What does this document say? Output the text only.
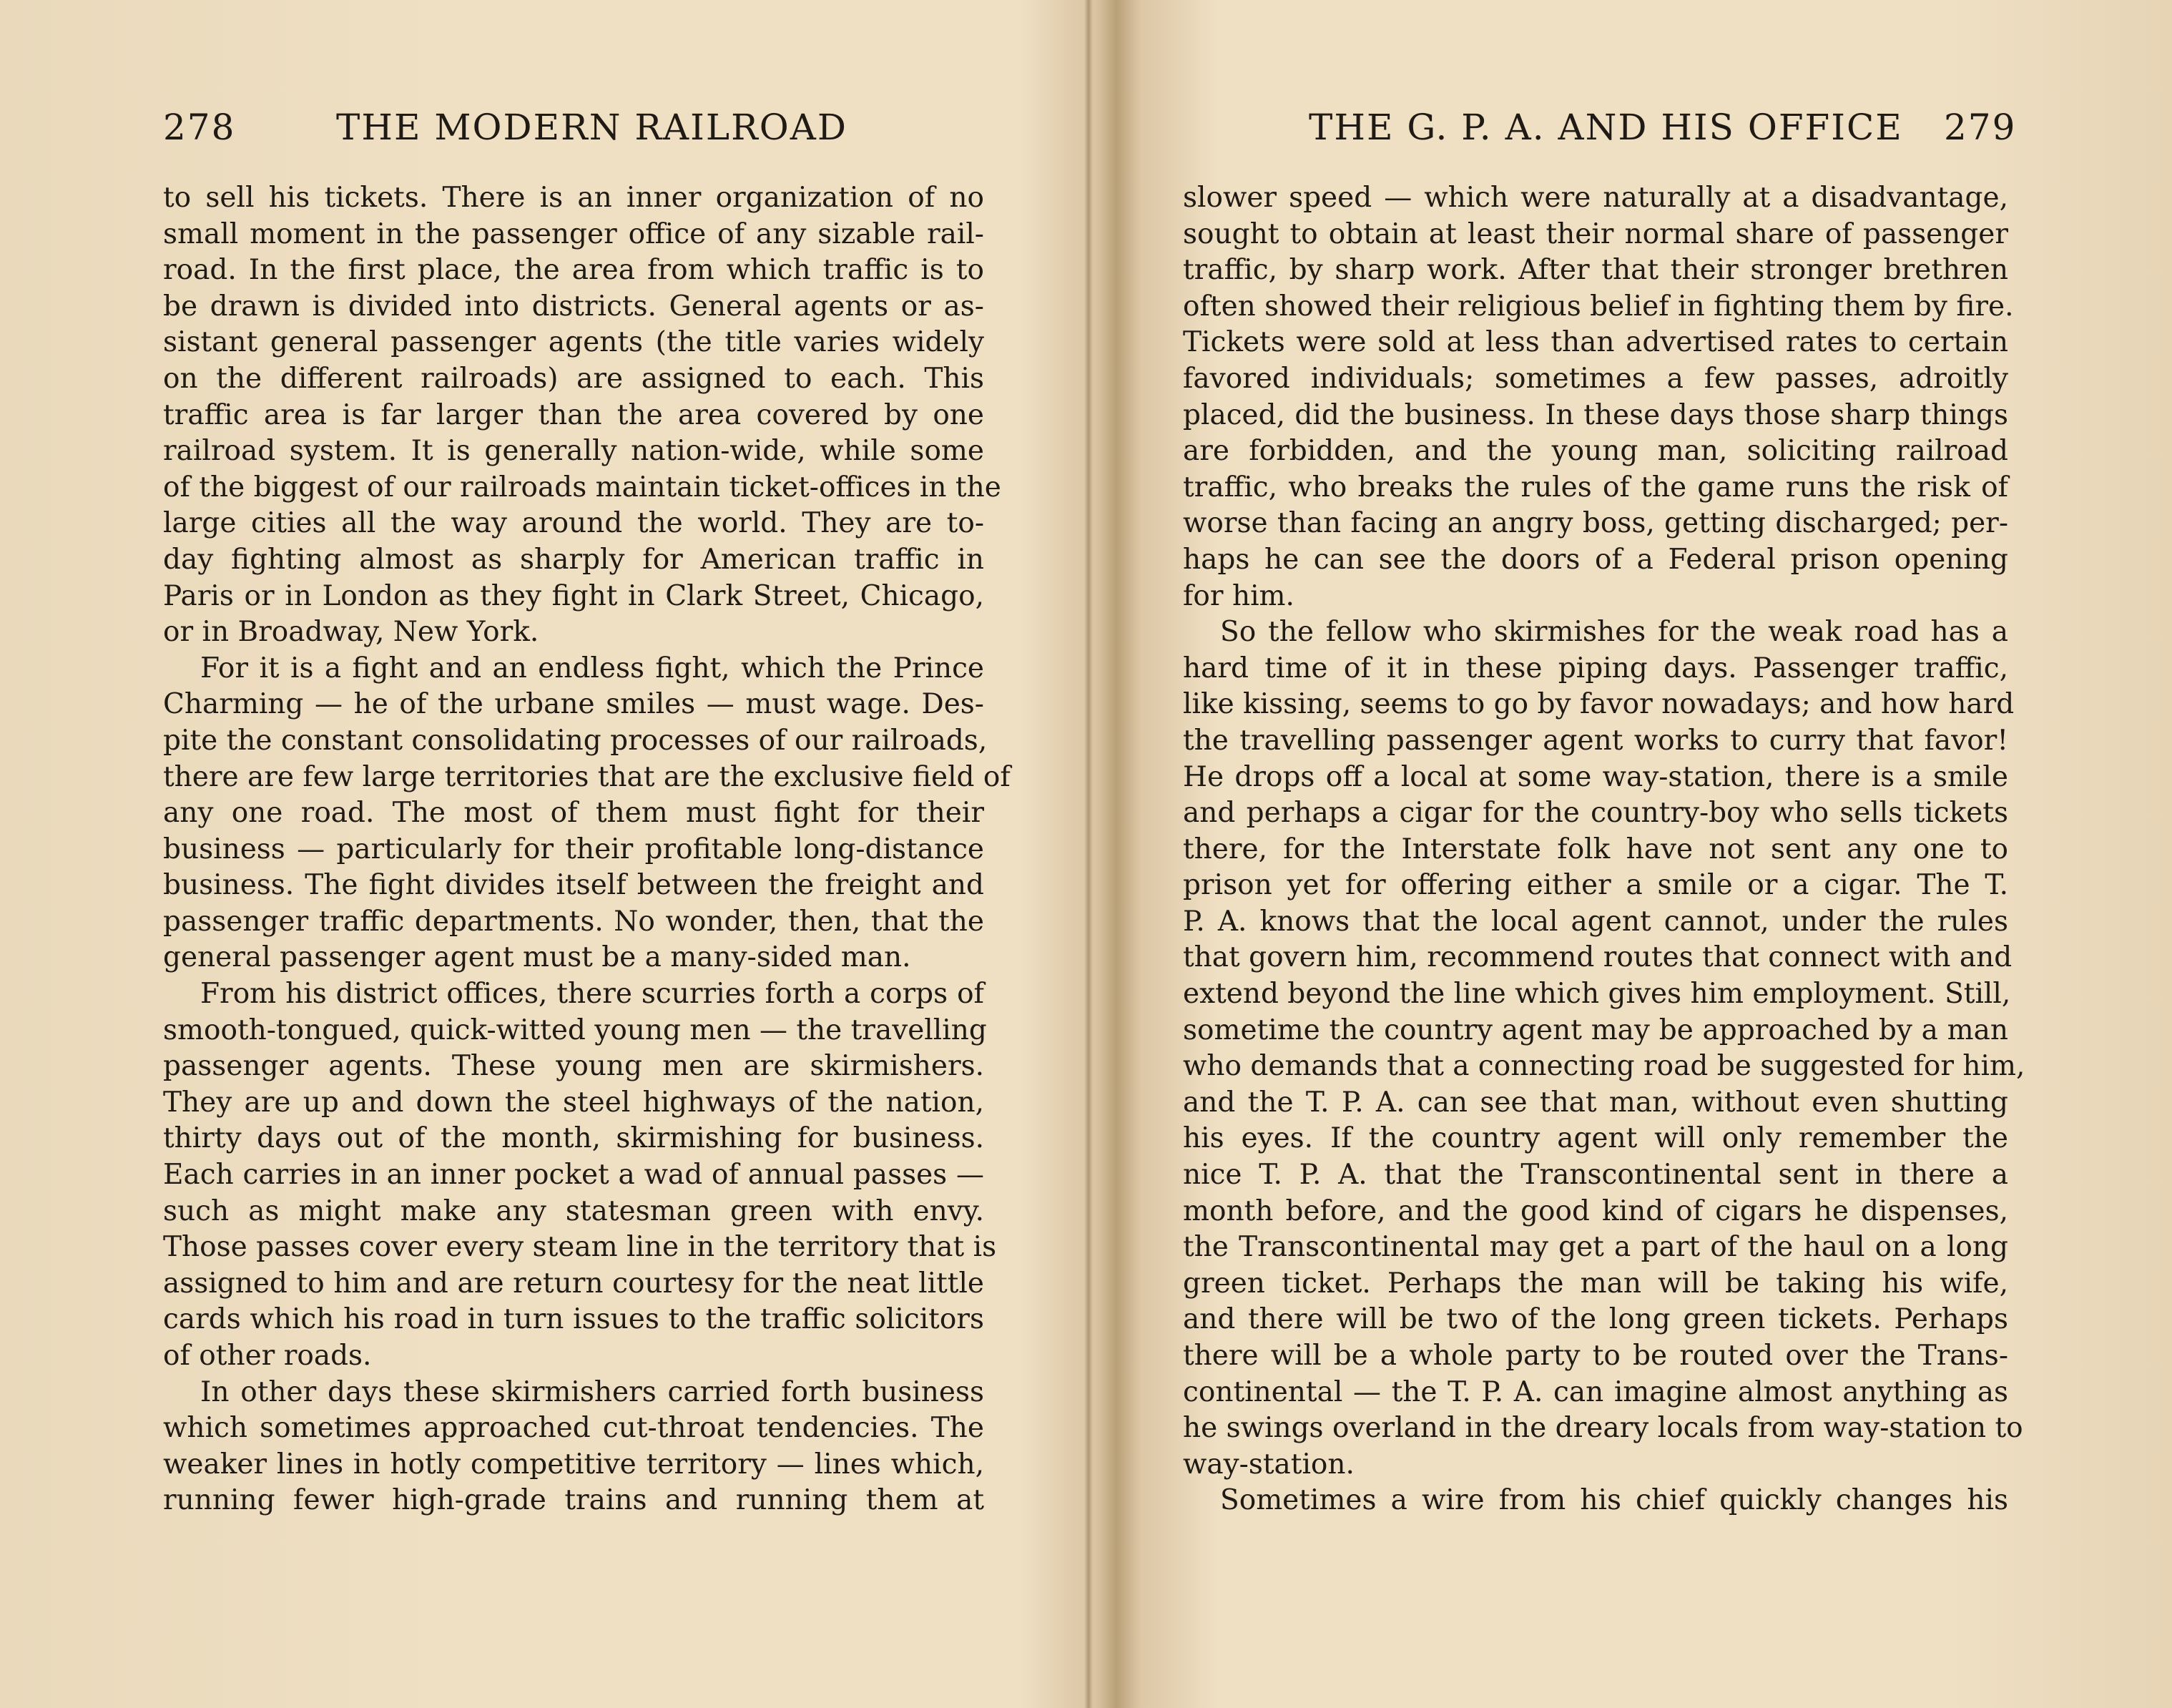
278	THE MODERN RAILROAD
to sell his tickets. There is an inner organization of no
small moment in the passenger office of any sizable rail-
road. In the first place, the area from which traffic is to
be drawn is divided into districts. General agents or as-
sistant general passenger agents (the title varies widely
on the different railroads) are assigned to each. This
traffic area is far larger than the area covered by one
railroad system. It is generally nation-wide, while some
of the biggest of our railroads maintain ticket-offices in the
large cities all the way around the world. They are to-
day fighting almost as sharply for American traffic in
Paris or in London as they fight in Clark Street, Chicago,
or in Broadway, New York.
For it is a fight and an endless fight, which the Prince
Charming — he of the urbane smiles — must wage. Des-
pite the constant consolidating processes of our railroads,
there are few large territories that are the exclusive field of
any one road. The most of them must fight for their
business — particularly for their profitable long-distance
business. The fight divides itself between the freight and
passenger traffic departments. No wonder, then, that the
general passenger agent must be a many-sided man.
From his district offices, there scurries forth a corps of
smooth-tongued, quick-witted young men — the travelling
passenger agents. These young men are skirmishers.
They are up and down the steel highways of the nation,
thirty days out of the month, skirmishing for business.
Each carries in an inner pocket a wad of annual passes —
such as might make any statesman green with envy.
Those passes cover every steam line in the territory that is
assigned to him and are return courtesy for the neat little
cards which his road in turn issues to the traffic solicitors
of other roads.
In other days these skirmishers carried forth business
which sometimes approached cut-throat tendencies. The
weaker lines in hotly competitive territory — lines which,
running fewer high-grade trains and running them at
THE G. P. A. AND HIS OFFICE 279
slower speed — which were naturally at a disadvantage,
sought to obtain at least their normal share of passenger
traffic, by sharp work. After that their stronger brethren
often showed their religious belief in fighting them by fire.
Tickets were sold at less than advertised rates to certain
favored individuals; sometimes a few passes, adroitly
placed, did the business. In these days those sharp things
are forbidden, and the young man, soliciting railroad
traffic, who breaks the rules of the game runs the risk of
worse than facing an angry boss, getting discharged; per-
haps he can see the doors of a Federal prison opening
for him.
So the fellow who skirmishes for the weak road has a
hard time of it in these piping days. Passenger traffic,
like kissing, seems to go by favor nowadays; and how hard
the travelling passenger agent works to curry that favor!
He drops off a local at some way-station, there is a smile
and perhaps a cigar for the country-boy who sells tickets
there, for the Interstate folk have not sent any one to
prison yet for offering either a smile or a cigar. The T.
P. A. knows that the local agent cannot, under the rules
that govern him, recommend routes that connect with and
extend beyond the line which gives him employment. Still,
sometime the country agent may be approached by a man
who demands that a connecting road be suggested for him,
and the T. P. A. can see that man, without even shutting
his eyes. If the country agent will only remember the
nice T. P. A. that the Transcontinental sent in there a
month before, and the good kind of cigars he dispenses,
the Transcontinental may get a part of the haul on a long
green ticket. Perhaps the man will be taking his wife,
and there will be two of the long green tickets. Perhaps
there will be a whole party to be routed over the Trans-
continental — the T. P. A. can imagine almost anything as
he swings overland in the dreary locals from way-station to
way-station.
Sometimes a wire from his chief quickly changes his
